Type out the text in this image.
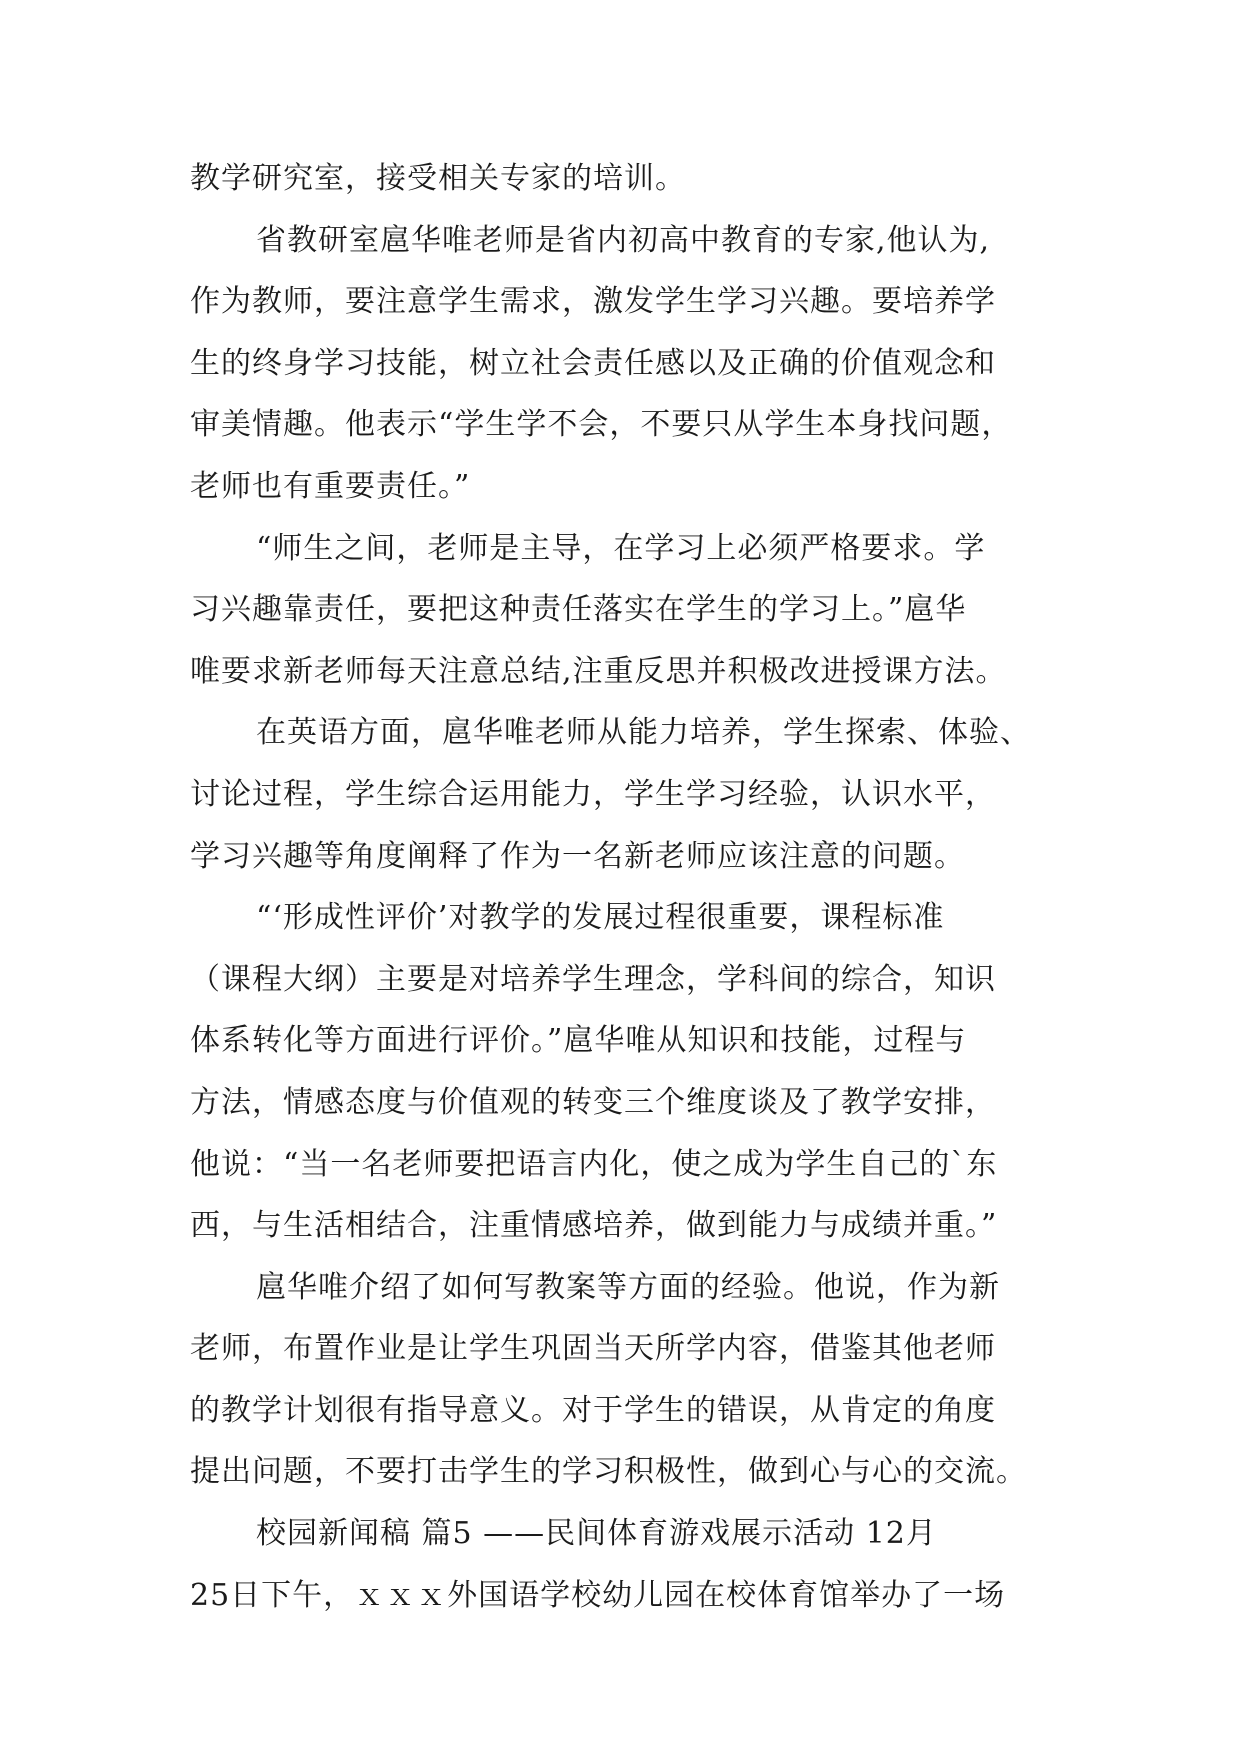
教学研究室，接受相关专家的培训。
省教研室扈华唯老师是省内初高中教育的专家,他认为,
作为教师，要注意学生需求，激发学生学习兴趣。要培养学
生的终身学习技能，树立社会责任感以及正确的价值观念和
审美情趣。他表示“学生学不会，不要只从学生本身找问题，
老师也有重要责任。”
“师生之间，老师是主导，在学习上必须严格要求。学
习兴趣靠责任，要把这种责任落实在学生的学习上。”扈华
唯要求新老师每天注意总结,注重反思并积极改进授课方法。
在英语方面，扈华唯老师从能力培养，学生探索、体验、
讨论过程，学生综合运用能力，学生学习经验，认识水平，
学习兴趣等角度阐释了作为一名新老师应该注意的问题。
“‘形成性评价’对教学的发展过程很重要，课程标准
（课程大纲）主要是对培养学生理念，学科间的综合，知识
体系转化等方面进行评价。”扈华唯从知识和技能，过程与
方法，情感态度与价值观的转变三个维度谈及了教学安排，
他说：“当一名老师要把语言内化，使之成为学生自己的`东
西，与生活相结合，注重情感培养，做到能力与成绩并重。”
扈华唯介绍了如何写教案等方面的经验。他说，作为新
老师，布置作业是让学生巩固当天所学内容，借鉴其他老师
的教学计划很有指导意义。对于学生的错误，从肯定的角度
提出问题，不要打击学生的学习积极性，做到心与心的交流。
校园新闻稿 篇5 ——民间体育游戏展示活动 12月
25日下午，ｘｘｘ外国语学校幼儿园在校体育馆举办了一场
